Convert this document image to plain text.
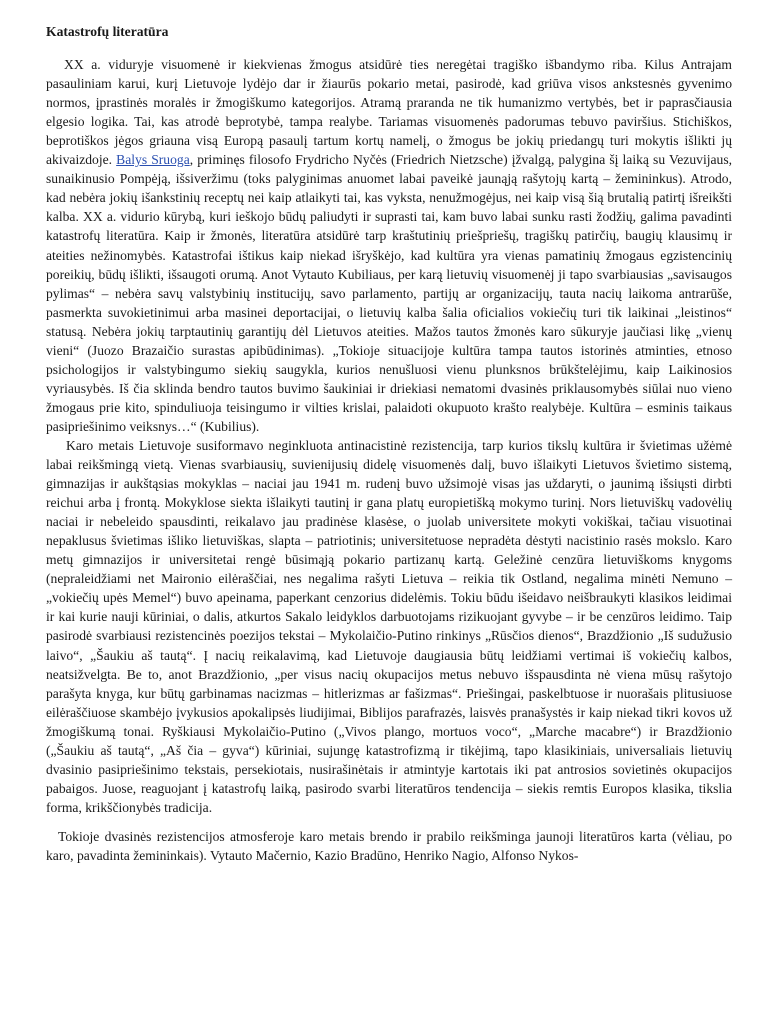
Katastrofų literatūra

XX a. viduryje visuomenė ir kiekvienas žmogus atsidūrė ties neregėtai tragiško išbandymo riba. Kilus Antrajam pasauliniam karui, kurį Lietuvoje lydėjo dar ir žiaurūs pokario metai, pasirodė, kad griūva visos ankstesnės gyvenimo normos, įprastinės moralės ir žmogiškumo kategorijos. Atramą praranda ne tik humanizmo vertybės, bet ir paprasčiausia elgesio logika. Tai, kas atrodė beprotybė, tampa realybe. Tariamas visuomenės padorumas tebuvo paviršius. Stichiškos, beprotiškos jėgos griauna visą Europą pasaulį tartum kortų namelį, o žmogus be jokių priedangų turi mokytis išlikti jų akivaizdoje. Balys Sruoga, priminęs filosofo Frydricho Nyčės (Friedrich Nietzsche) įžvalgą, palygina šį laiką su Vezuvijaus, sunaikinusio Pompėją, išsiveržimu (toks palyginimas anuomet labai paveikė jaunąją rašytojų kartą – žemininkus). Atrodo, kad nebėra jokių išankstinių receptų nei kaip atlaikyti tai, kas vyksta, nenužmogėjus, nei kaip visą šią brutalią patirtį išreikšti kalba. XX a. vidurio kūrybą, kuri ieškojo būdų paliudyti ir suprasti tai, kam buvo labai sunku rasti žodžių, galima pavadinti katastrofų literatūra. Kaip ir žmonės, literatūra atsidūrė tarp kraštutinių priešpriešų, tragiškų patirčių, baugių klausimų ir ateities nežinomybės. Katastrofai ištikus kaip niekad išryškėjo, kad kultūra yra vienas pamatinių žmogaus egzistencinių poreikių, būdų išlikti, išsaugoti orumą. Anot Vytauto Kubiliaus, per karą lietuvių visuomenėj ji tapo svarbiausias „savisaugos pylimas“ – nebėra savų valstybinių institucijų, savo parlamento, partijų ar organizacijų, tauta nacių laikoma antrarūše, pasmerkta suvokietinimui arba masinei deportacijai, o lietuvių kalba šalia oficialios vokiečių turi tik laikinai „leistinos“ statusą. Nebėra jokių tarptautinių garantijų dėl Lietuvos ateities. Mažos tautos žmonės karo sūkuryje jaučiasi likę „vienų vieni“ (Juozo Brazaičio surastas apibūdinimas). „Tokioje situacijoje kultūra tampa tautos istorinės atminties, etnoso psichologijos ir valstybingumo siekių saugykla, kurios nenušluosi vienu plunksnos brūkštelėjimu, kaip Laikinosios vyriausybės. Iš čia sklinda bendro tautos buvimo šaukiniai ir driekiasi nematomi dvasinės priklausomybės siūlai nuo vieno žmogaus prie kito, spinduliuoja teisingumo ir vilties krislai, palaidoti okupuoto krašto realybėje. Kultūra – esminis taikaus pasipriešinimo veiksnys…“ (Kubilius).

Karo metais Lietuvoje susiformavo neginkluota antinacistinė rezistencija, tarp kurios tikslų kultūra ir švietimas užėmė labai reikšmingą vietą. Vienas svarbiausių, suvienijusių didelę visuomenės dalį, buvo išlaikyti Lietuvos švietimo sistemą, gimnazijas ir aukštąsias mokyklas – naciai jau 1941 m. rudenį buvo užsimojė visas jas uždaryti, o jaunimą išsiųsti dirbti reichui arba į frontą. Mokyklose siekta išlaikyti tautinį ir gana platų europietišką mokymo turinį. Nors lietuviškų vadovėlių naciai ir nebeleido spausdinti, reikalavo jau pradinėse klasėse, o juolab universitete mokyti vokiškai, tačiau visuotinai nepaklusus švietimas išliko lietuviškas, slapta – patriotinis; universitetuose nepradėta dėstyti nacistinio rasės mokslo. Karo metų gimnazijos ir universitetai rengė būsimąją pokario partizanų kartą. Geležinė cenzūra lietuviškoms knygoms (nepraleidžiami net Maironio eilėraščiai, nes negalima rašyti Lietuva – reikia tik Ostland, negalima minėti Nemuno – „vokiečių upės Memel“) buvo apeinama, paperkant cenzorius didelėmis. Tokiu būdu išeidavo neišbraukyti klasikos leidimai ir kai kurie nauji kūriniai, o dalis, atkurtos Sakalo leidyklos darbuotojams rizikuojant gyvybe – ir be cenzūros leidimo. Taip pasirodė svarbiausi rezistencinės poezijos tekstai – Mykolaičio-Putino rinkinys „Rūsčios dienos“, Brazdžionio „Iš sudužusio laivo“, „Šaukiu aš tautą“. Į nacių reikalavimą, kad Lietuvoje daugiausia būtų leidžiami vertimai iš vokiečių kalbos, neatsižvelgta. Be to, anot Brazdžionio, „per visus nacių okupacijos metus nebuvo išspausdinta nė viena mūsų rašytojo parašyta knyga, kur būtų garbinamas nacizmas – hitlerizmas ar fašizmas“. Priešingai, paskelbtuose ir nuorašais plitusiuose eilėraščiuose skambėjo įvykusios apokalipsės liudijimai, Biblijos parafrazės, laisvės pranašystės ir kaip niekad tikri kovos už žmogiškumą tonai. Ryškiausi Mykolaičio-Putino („Vivos plango, mortuos voco“, „Marche macabre“) ir Brazdžionio („Šaukiu aš tautą“, „Aš čia – gyva“) kūriniai, sujungę katastrofizmą ir tikėjimą, tapo klasikiniais, universaliais lietuvių dvasinio pasipriešinimo tekstais, persekiotais, nusirašinėtais ir atmintyje kartotais iki pat antrosios sovietinės okupacijos pabaigos. Juose, reaguojant į katastrofų laiką, pasirodo svarbi literatūros tendencija – siekis remtis Europos klasika, tikslia forma, krikščionybės tradicija.

Tokioje dvasinės rezistencijos atmosferoje karo metais brendo ir prabilo reikšminga jaunoji literatūros karta (vėliau, po karo, pavadinta žemininkais). Vytauto Mačernio, Kazio Bradūno, Henriko Nagio, Alfonso Nykos-
